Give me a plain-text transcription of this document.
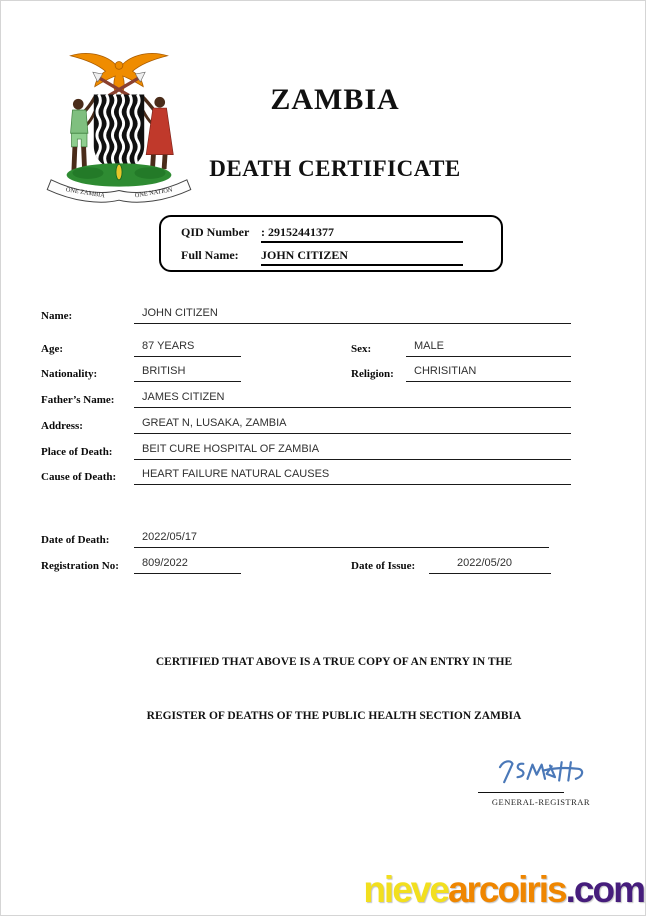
ONE ZAMBIA	ONE NATION
ZAMBIA
DEATH CERTIFICATE
QID Number : 29152441377
Full Name: JOHN CITIZEN
Name:	JOHN CITIZEN
Age:	87 YEARS	Sex:	MALE
Nationality:	BRITISH	Religion:	CHRISITIAN
Father’s Name:	JAMES CITIZEN
Address:	GREAT N, LUSAKA, ZAMBIA
Place of Death:	BEIT CURE HOSPITAL OF ZAMBIA
Cause of Death:	HEART FAILURE NATURAL CAUSES
Date of Death:	2022/05/17
Registration No:	809/2022	Date of Issue:	2022/05/20
CERTIFIED THAT ABOVE IS A TRUE COPY OF AN ENTRY IN THE
REGISTER OF DEATHS OF THE PUBLIC HEALTH SECTION ZAMBIA
GENERAL-REGISTRAR
nievearcoiris.com
